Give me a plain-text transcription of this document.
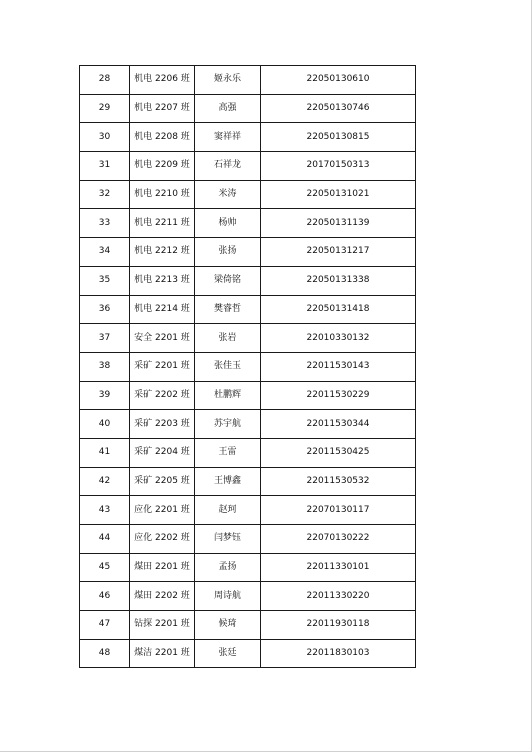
28	机电 2206 班	姬永乐	22050130610
29	机电 2207 班	高强	22050130746
30	机电 2208 班	窦祥祥	22050130815
31	机电 2209 班	石祥龙	20170150313
32	机电 2210 班	米涛	22050131021
33	机电 2211 班	杨帅	22050131139
34	机电 2212 班	张扬	22050131217
35	机电 2213 班	梁倚铭	22050131338
36	机电 2214 班	樊睿哲	22050131418
37	安全 2201 班	张岩	22010330132
38	采矿 2201 班	张佳玉	22011530143
39	采矿 2202 班	杜鹏辉	22011530229
40	采矿 2203 班	苏宇航	22011530344
41	采矿 2204 班	王雷	22011530425
42	采矿 2205 班	王博鑫	22011530532
43	应化 2201 班	赵珂	22070130117
44	应化 2202 班	闫梦钰	22070130222
45	煤田 2201 班	孟扬	22011330101
46	煤田 2202 班	周诗航	22011330220
47	钻探 2201 班	候琦	22011930118
48	煤洁 2201 班	张廷	22011830103
